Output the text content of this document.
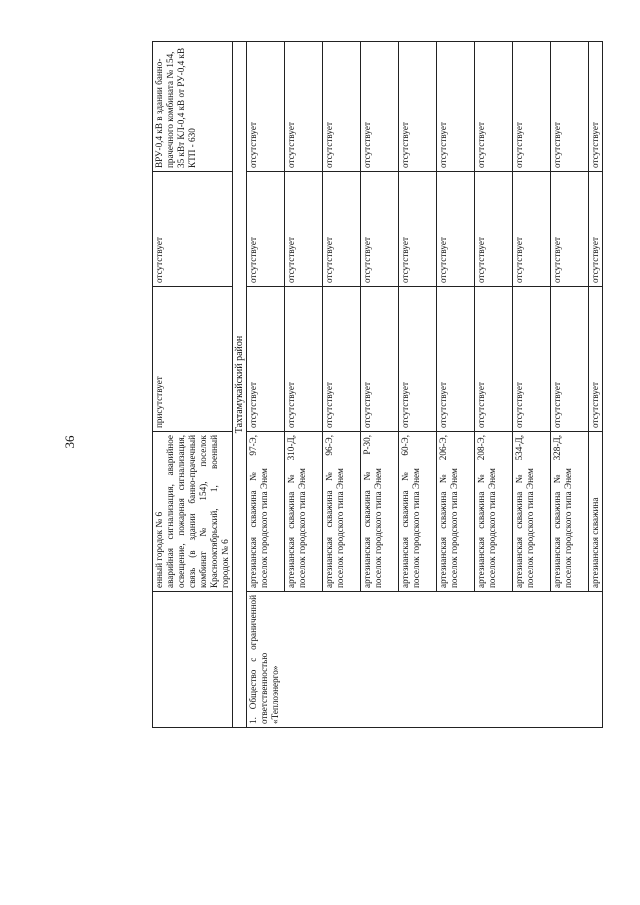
36

	енный городок № 6 аварийная сигнализация, аварийное освещение, пожарная сигнализация, связь (в здании банно-прачечный комбинат № 154), поселок Краснооктябрьский, 1, военный городок № 6	присутствует	отсутствует	ВРУ-0,4 кВ в здании банно-прачечного комбината № 154, 35 кВт КЛ-0,4 кВ от РУ-0,4 кВ КТП - 630
Тахтамукайский район				
1. Общество с ограниченной ответственностью «Теплоэнерго»	артезианская скважина № 97-Э, поселок городского типа Энем	отсутствует	отсутствует	отсутствует
	артезианская скважина № 310-Д, поселок городского типа Энем	отсутствует	отсутствует	отсутствует
	артезианская скважина № 96-Э, поселок городского типа Энем	отсутствует	отсутствует	отсутствует
	артезианская скважина № Р-30, поселок городского типа Энем	отсутствует	отсутствует	отсутствует
	артезианская скважина № 60-Э, поселок городского типа Энем	отсутствует	отсутствует	отсутствует
	артезианская скважина № 206-Э, поселок городского типа Энем	отсутствует	отсутствует	отсутствует
	артезианская скважина № 208-Э, поселок городского типа Энем	отсутствует	отсутствует	отсутствует
	артезианская скважина № 534-Д, поселок городского типа Энем	отсутствует	отсутствует	отсутствует
	артезианская скважина № 328-Д, поселок городского типа Энем	отсутствует	отсутствует	отсутствует
	артезианская скважина	отсутствует	отсутствует	отсутствует
